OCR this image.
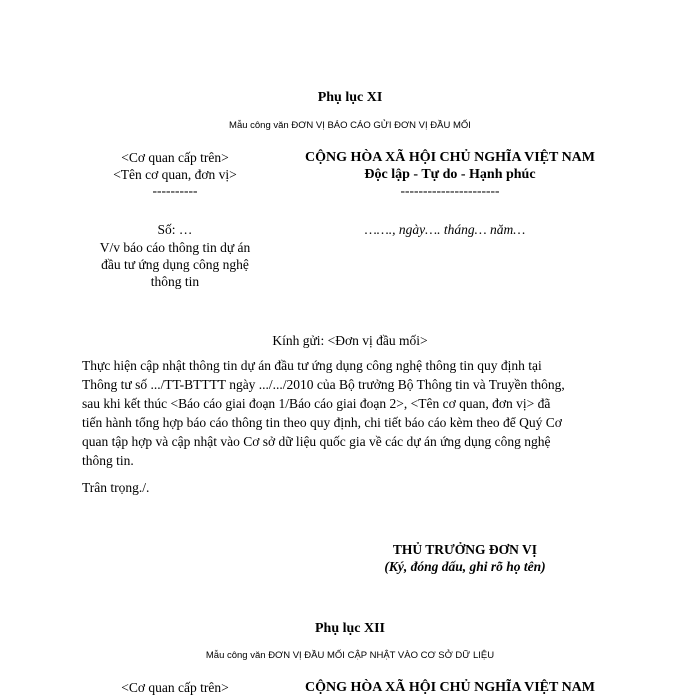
Phụ lục XI
Mẫu công văn ĐƠN VỊ BÁO CÁO GỬI ĐƠN VỊ ĐẦU MỐI
<Cơ quan cấp trên>
<Tên cơ quan, đơn vị>
----------
CỘNG HÒA XÃ HỘI CHỦ NGHĨA VIỆT NAM
Độc lập - Tự do - Hạnh phúc
----------------------
Số: …	……., ngày…. tháng… năm…
V/v báo cáo thông tin dự án
đầu tư ứng dụng công nghệ
thông tin
Kính gửi: <Đơn vị đầu mối>
Thực hiện cập nhật thông tin dự án đầu tư ứng dụng công nghệ thông tin quy định tại
Thông tư số .../TT-BTTTT ngày .../.../2010 của Bộ trưởng Bộ Thông tin và Truyền thông,
sau khi kết thúc <Báo cáo giai đoạn 1/Báo cáo giai đoạn 2>, <Tên cơ quan, đơn vị> đã
tiến hành tổng hợp báo cáo thông tin theo quy định, chi tiết báo cáo kèm theo để Quý Cơ
quan tập hợp và cập nhật vào Cơ sở dữ liệu quốc gia về các dự án ứng dụng công nghệ
thông tin.
Trân trọng./.
THỦ TRƯỞNG ĐƠN VỊ
(Ký, đóng dấu, ghi rõ họ tên)
Phụ lục XII
Mẫu công văn ĐƠN VỊ ĐẦU MỐI CẬP NHẬT VÀO CƠ SỞ DỮ LIỆU
<Cơ quan cấp trên>	CỘNG HÒA XÃ HỘI CHỦ NGHĨA VIỆT NAM
